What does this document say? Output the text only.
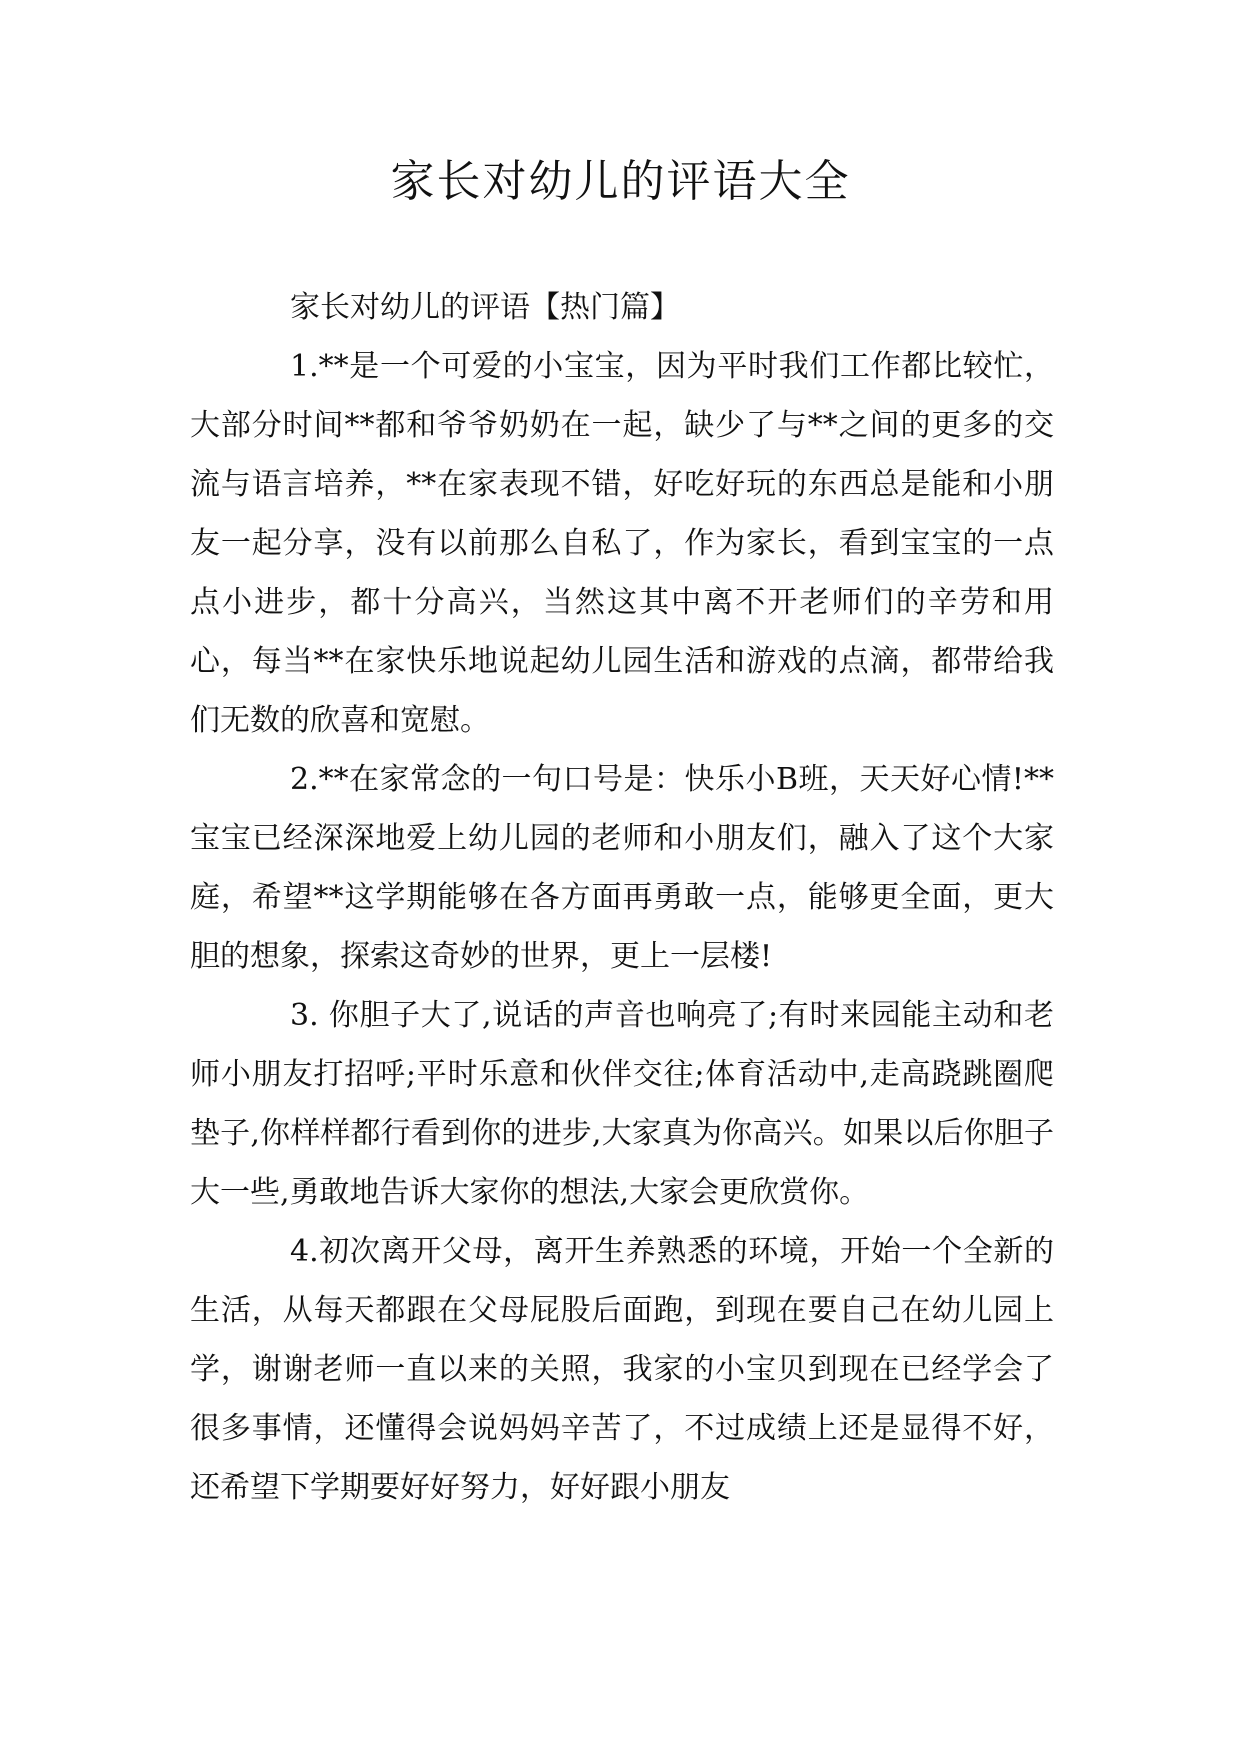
家长对幼儿的评语大全

家长对幼儿的评语【热门篇】

1.**是一个可爱的小宝宝，因为平时我们工作都比较忙，大部分时间**都和爷爷奶奶在一起，缺少了与**之间的更多的交流与语言培养，**在家表现不错，好吃好玩的东西总是能和小朋友一起分享，没有以前那么自私了，作为家长，看到宝宝的一点点小进步，都十分高兴，当然这其中离不开老师们的辛劳和用心，每当**在家快乐地说起幼儿园生活和游戏的点滴，都带给我们无数的欣喜和宽慰。

2.**在家常念的一句口号是：快乐小B班，天天好心情!**宝宝已经深深地爱上幼儿园的老师和小朋友们，融入了这个大家庭，希望**这学期能够在各方面再勇敢一点，能够更全面，更大胆的想象，探索这奇妙的世界，更上一层楼!

3. 你胆子大了,说话的声音也响亮了;有时来园能主动和老师小朋友打招呼;平时乐意和伙伴交往;体育活动中,走高跷跳圈爬垫子,你样样都行看到你的进步,大家真为你高兴。如果以后你胆子大一些,勇敢地告诉大家你的想法,大家会更欣赏你。

4.初次离开父母，离开生养熟悉的环境，开始一个全新的生活，从每天都跟在父母屁股后面跑，到现在要自己在幼儿园上学，谢谢老师一直以来的关照，我家的小宝贝到现在已经学会了很多事情，还懂得会说妈妈辛苦了，不过成绩上还是显得不好，还希望下学期要好好努力，好好跟小朋友
